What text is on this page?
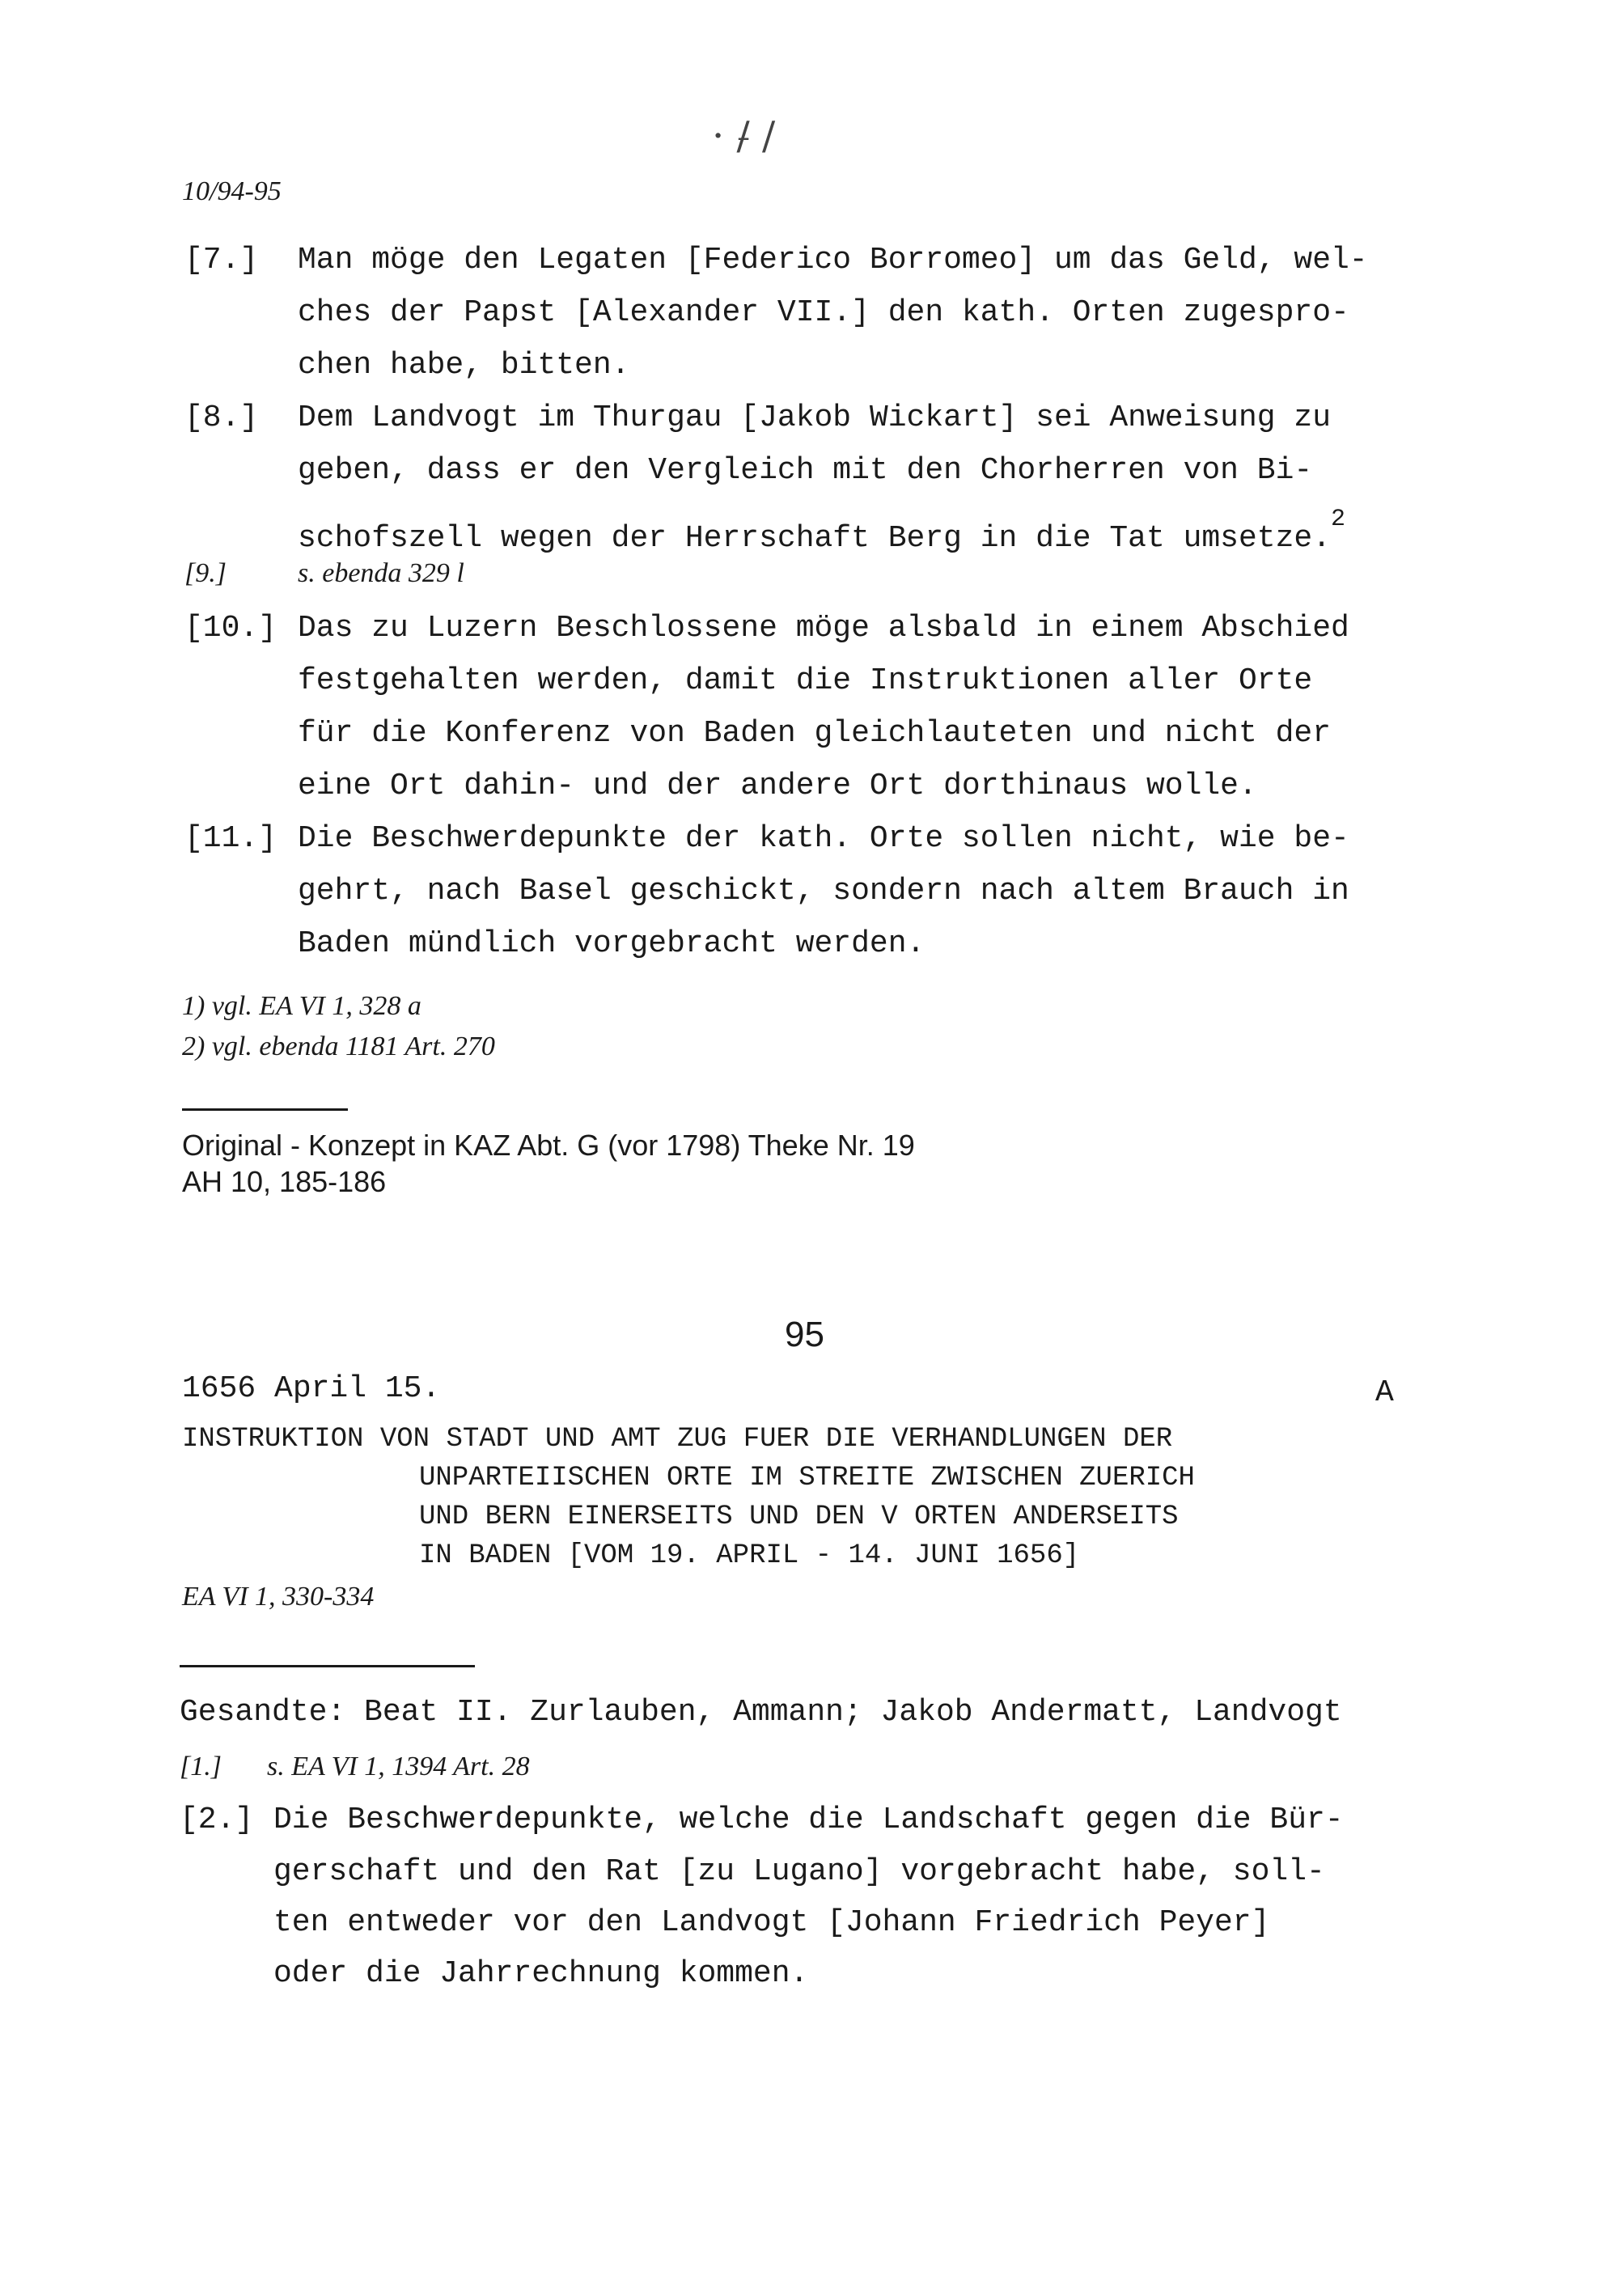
· /̵ /
10/94-95
[7.] Man möge den Legaten [Federico Borromeo] um das Geld, wel-
ches der Papst [Alexander VII.] den kath. Orten zugespro-
chen habe, bitten.
[8.] Dem Landvogt im Thurgau [Jakob Wickart] sei Anweisung zu
geben, dass er den Vergleich mit den Chorherren von Bi-
schofszell wegen der Herrschaft Berg in die Tat umsetze.$^2$
[9.]	s. ebenda 329 l
[10.] Das zu Luzern Beschlossene möge alsbald in einem Abschied
festgehalten werden, damit die Instruktionen aller Orte
für die Konferenz von Baden gleichlauteten und nicht der
eine Ort dahin- und der andere Ort dorthinaus wolle.
[11.] Die Beschwerdepunkte der kath. Orte sollen nicht, wie be-
gehrt, nach Basel geschickt, sondern nach altem Brauch in
Baden mündlich vorgebracht werden.
1) vgl. EA VI 1, 328 a
2) vgl. ebenda 1181 Art. 270
Original - Konzept in KAZ Abt. G (vor 1798) Theke Nr. 19
AH 10, 185-186
95
1656 April 15.	A
INSTRUKTION VON STADT UND AMT ZUG FUER DIE VERHANDLUNGEN DER
UNPARTEIISCHEN ORTE IM STREITE ZWISCHEN ZUERICH
UND BERN EINERSEITS UND DEN V ORTEN ANDERSEITS
IN BADEN [VOM 19. APRIL - 14. JUNI 1656]
EA VI 1, 330-334
Gesandte: Beat II. Zurlauben, Ammann; Jakob Andermatt, Landvogt
[1.] s. EA VI 1, 1394 Art. 28
[2.] Die Beschwerdepunkte, welche die Landschaft gegen die Bür-
gerschaft und den Rat [zu Lugano] vorgebracht habe, soll-
ten entweder vor den Landvogt [Johann Friedrich Peyer]
oder die Jahrrechnung kommen.
